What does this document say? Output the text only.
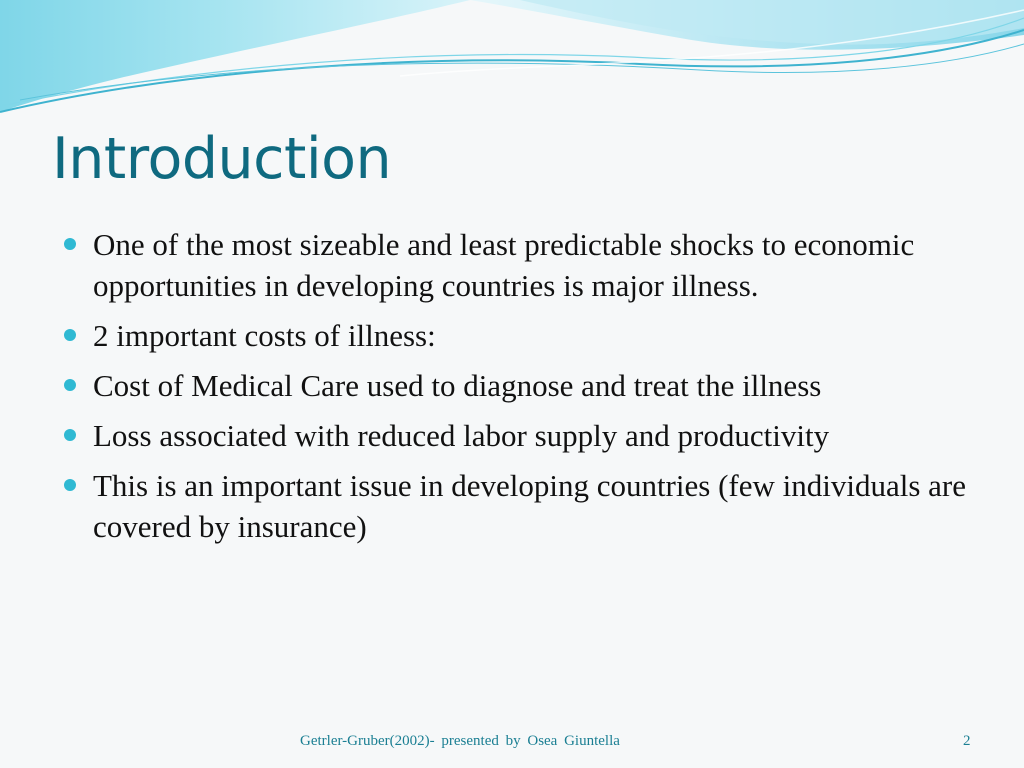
Introduction
One of the most sizeable and least predictable shocks to economic opportunities in developing countries is major illness.
2 important costs of illness:
Cost of Medical Care used to diagnose and treat the illness
Loss associated with reduced labor supply and productivity
This is an important issue in developing countries (few individuals are covered by insurance)
Getrler-Gruber(2002)- presented by Osea Giuntella	2
